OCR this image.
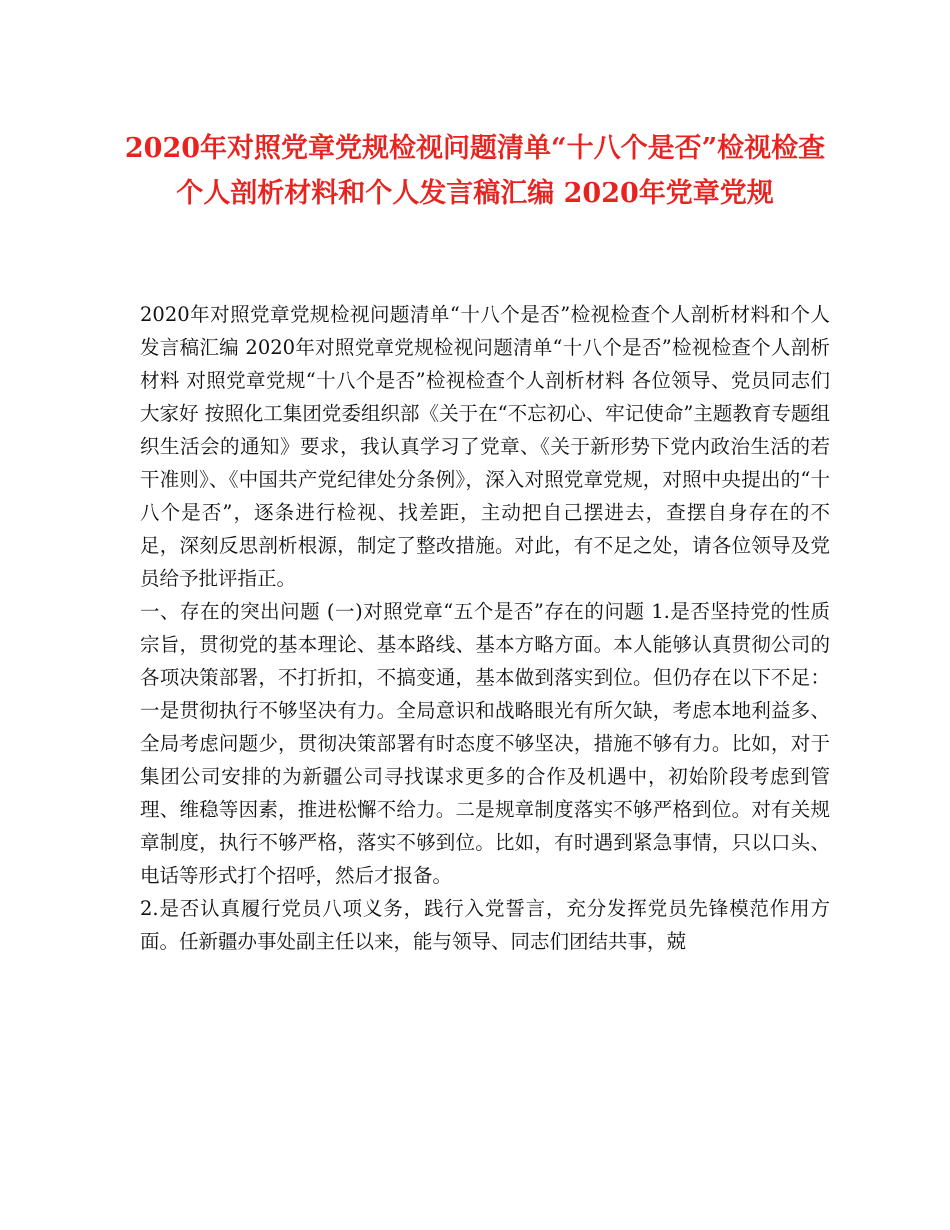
2020年对照党章党规检视问题清单“十八个是否”检视检查个人剖析材料和个人发言稿汇编 2020年党章党规

2020年对照党章党规检视问题清单“十八个是否”检视检查个人剖析材料和个人发言稿汇编 2020年对照党章党规检视问题清单“十八个是否”检视检查个人剖析材料 对照党章党规“十八个是否”检视检查个人剖析材料 各位领导、党员同志们大家好 按照化工集团党委组织部《关于在“不忘初心、牢记使命”主题教育专题组织生活会的通知》要求，我认真学习了党章、《关于新形势下党内政治生活的若干准则》、《中国共产党纪律处分条例》，深入对照党章党规，对照中央提出的“十八个是否”，逐条进行检视、找差距，主动把自己摆进去，查摆自身存在的不足，深刻反思剖析根源，制定了整改措施。对此，有不足之处，请各位领导及党员给予批评指正。

一、存在的突出问题 (一)对照党章“五个是否”存在的问题 1.是否坚持党的性质宗旨，贯彻党的基本理论、基本路线、基本方略方面。本人能够认真贯彻公司的各项决策部署，不打折扣，不搞变通，基本做到落实到位。但仍存在以下不足：一是贯彻执行不够坚决有力。全局意识和战略眼光有所欠缺，考虑本地利益多、全局考虑问题少，贯彻决策部署有时态度不够坚决，措施不够有力。比如，对于集团公司安排的为新疆公司寻找谋求更多的合作及机遇中，初始阶段考虑到管理、维稳等因素，推进松懈不给力。二是规章制度落实不够严格到位。对有关规章制度，执行不够严格，落实不够到位。比如，有时遇到紧急事情，只以口头、电话等形式打个招呼，然后才报备。

2.是否认真履行党员八项义务，践行入党誓言，充分发挥党员先锋模范作用方面。任新疆办事处副主任以来，能与领导、同志们团结共事，兢
